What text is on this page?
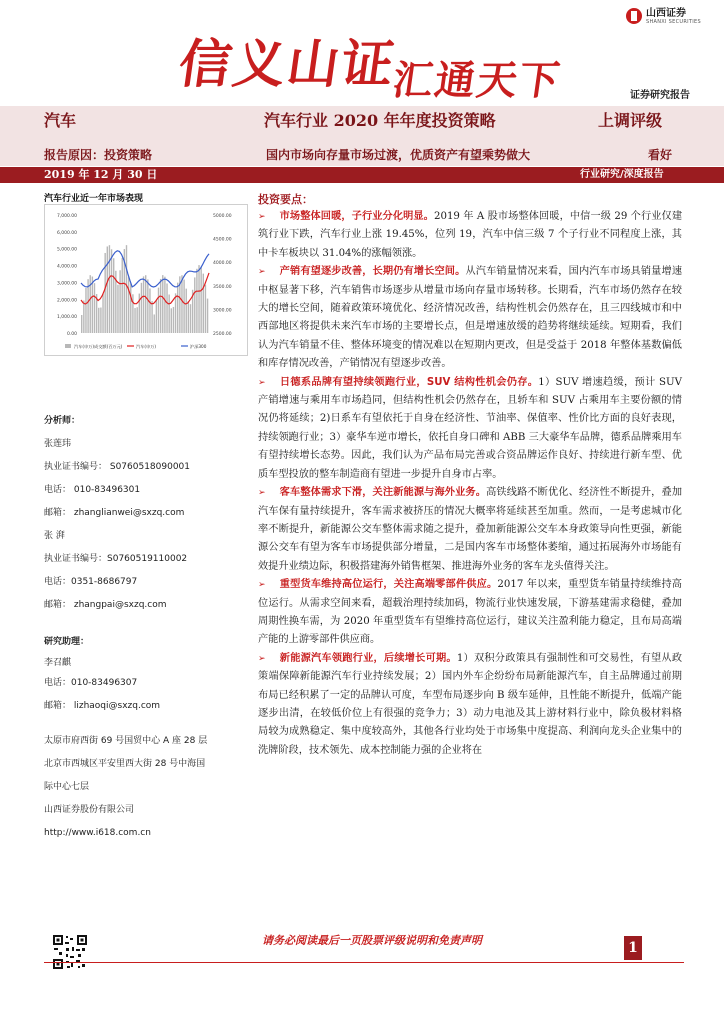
信义山证$_{汇通天下}$
山西证券
SHANXI SECURITIES
证券研究报告
汽车	汽车行业 2020 年年度投资策略	上调评级
报告原因：投资策略	国内市场向存量市场过渡，优质资产有望乘势做大	看好
2019 年 12 月 30 日	行业研究/深度报告
汽车行业近一年市场表现
7,000.00
6,000.00
5,000.00
4,000.00
3,000.00
2,000.00
1,000.00
0.00
5000.00
4500.00
4000.00
3500.00
3000.00
2500.00
汽车(申万)成交额(百万元)	汽车(申万)	沪深300
分析师：
张莲玮
执业证书编号： S0760518090001
电话： 010-83496301
邮箱： zhanglianwei@sxzq.com
张 湃
执业证书编号：S0760519110002
电话：0351-8686797
邮箱： zhangpai@sxzq.com
研究助理：
李召麒
电话：010-83496307
邮箱： lizhaoqi@sxzq.com
太原市府西街 69 号国贸中心 A 座 28 层
北京市西城区平安里西大街 28 号中海国
际中心七层
山西证券股份有限公司
http://www.i618.com.cn
投资要点：

➢ 市场整体回暖，子行业分化明显。2019 年 A 股市场整体回暖，中信一级 29 个行业仅建筑行业下跌，汽车行业上涨 19.45%，位列 19，汽车中信三级 7 个子行业不同程度上涨，其中卡车板块以 31.04%的涨幅领涨。

➢ 产销有望逐步改善，长期仍有增长空间。从汽车销量情况来看，国内汽车市场具销量增速中枢显著下移，汽车销售市场逐步从增量市场向存量市场转移。长期看，汽车市场仍然存在较大的增长空间，随着政策环境优化、经济情况改善，结构性机会仍然存在，且三四线城市和中西部地区将提供未来汽车市场的主要增长点，但是增速放缓的趋势将继续延续。短期看，我们认为汽车销量不佳、整体环境变的情况难以在短期内更改，但是受益于 2018 年整体基数偏低和库存情况改善，产销情况有望逐步改善。

➢ 日德系品牌有望持续领跑行业，SUV 结构性机会仍存。1）SUV 增速趋缓，预计 SUV 产销增速与乘用车市场趋同，但结构性机会仍然存在，且轿车和 SUV 占乘用车主要份额的情况仍将延续；2)日系车有望依托于自身在经济性、节油率、保值率、性价比方面的良好表现，持续领跑行业；3）豪华车逆市增长，依托自身口碑和 ABB 三大豪华车品牌，德系品牌乘用车有望持续增长态势。因此，我们认为产品布局完善或合资品牌运作良好、持续进行新车型、优质车型投放的整车制造商有望进一步提升自身市占率。

➢ 客车整体需求下滑，关注新能源与海外业务。高铁线路不断优化、经济性不断提升，叠加汽车保有量持续提升，客车需求被挤压的情况大概率将延续甚至加重。然而，一是考虑城市化率不断提升，新能源公交车整体需求随之提升，叠加新能源公交车本身政策导向性更强，新能源公交车有望为客车市场提供部分增量，二是国内客车市场整体萎缩，通过拓展海外市场能有效提升业绩边际，积极搭建海外销售框架、推进海外业务的客车龙头值得关注。

➢ 重型货车维持高位运行，关注高端零部件供应。2017 年以来，重型货车销量持续维持高位运行。从需求空间来看，超载治理持续加码，物流行业快速发展，下游基建需求稳健，叠加周期性换车需，为 2020 年重型货车有望维持高位运行，建议关注盈利能力稳定，且布局高端产能的上游零部件供应商。

➢ 新能源汽车领跑行业，后续增长可期。1）双积分政策具有强制性和可交易性，有望从政策端保障新能源汽车行业持续发展；2）国内外车企纷纷布局新能源汽车，自主品牌通过前期布局已经积累了一定的品牌认可度，车型布局逐步向 B 级车延伸，且性能不断提升，低端产能逐步出清，在较低价位上有很强的竞争力；3）动力电池及其上游材料行业中，除负极材料格局较为成熟稳定、集中度较高外，其他各行业均处于市场集中度提高、利润向龙头企业集中的洗牌阶段，技术领先、成本控制能力强的企业将在

请务必阅读最后一页股票评级说明和免责声明	1
